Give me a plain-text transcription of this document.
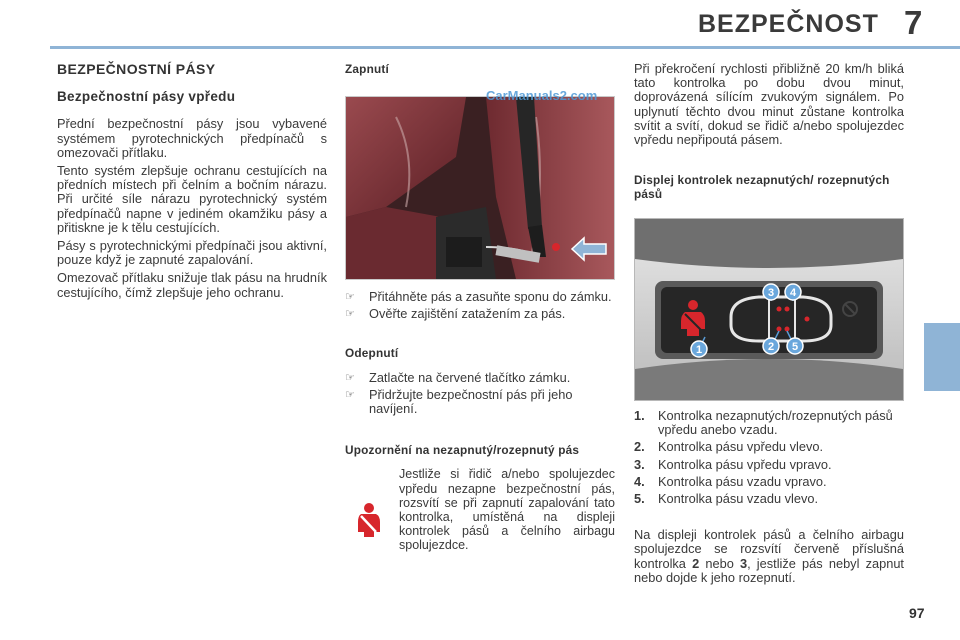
BEZPEČNOST 7
BEZPEČNOSTNÍ PÁSY
Bezpečnostní pásy vpředu

Přední bezpečnostní pásy jsou vybavené systémem pyrotechnických předpínačů s omezovači přítlaku.

Tento systém zlepšuje ochranu cestujících na předních místech při čelním a bočním nárazu. Při určité síle nárazu pyrotechnický systém předpínačů napne v jediném okamžiku pásy a přitiskne je k tělu cestujících.

Pásy s pyrotechnickými předpínači jsou aktivní, pouze když je zapnuté zapalování.

Omezovač přítlaku snižuje tlak pásu na hrudník cestujícího, čímž zlepšuje jeho ochranu.

Zapnutí
CarManuals2.com
☞	Přitáhněte pás a zasuňte sponu do zámku.
☞	Ověřte zajištění zatažením za pás.
Odepnutí
☞	Zatlačte na červené tlačítko zámku.
☞	Přidržujte bezpečnostní pás při jeho navíjení.
Upozornění na nezapnutý/rozepnutý pás

Jestliže si řidič a/nebo spolujezdec vpředu nezapne bezpečnostní pás, rozsvítí se při zapnutí zapalování tato kontrolka, umístěná na displeji kontrolek pásů a čelního airbagu spolujezdce.

Při překročení rychlosti přibližně 20 km/h bliká tato kontrolka po dobu dvou minut, doprovázená sílícím zvukovým signálem. Po uplynutí těchto dvou minut zůstane kontrolka svítit a svítí, dokud se řidič a/nebo spolujezdec vpředu nepřipoutá pásem.

Displej kontrolek nezapnutých/ rozepnutých pásů
3 4
1	2 5
1.	Kontrolka nezapnutých/rozepnutých pásů vpředu anebo vzadu.
2.	Kontrolka pásu vpředu vlevo.
3.	Kontrolka pásu vpředu vpravo.
4.	Kontrolka pásu vzadu vpravo.
5.	Kontrolka pásu vzadu vlevo.

Na displeji kontrolek pásů a čelního airbagu spolujezdce se rozsvítí červeně příslušná kontrolka 2 nebo 3, jestliže pás nebyl zapnut nebo dojde k jeho rozepnutí.

97
